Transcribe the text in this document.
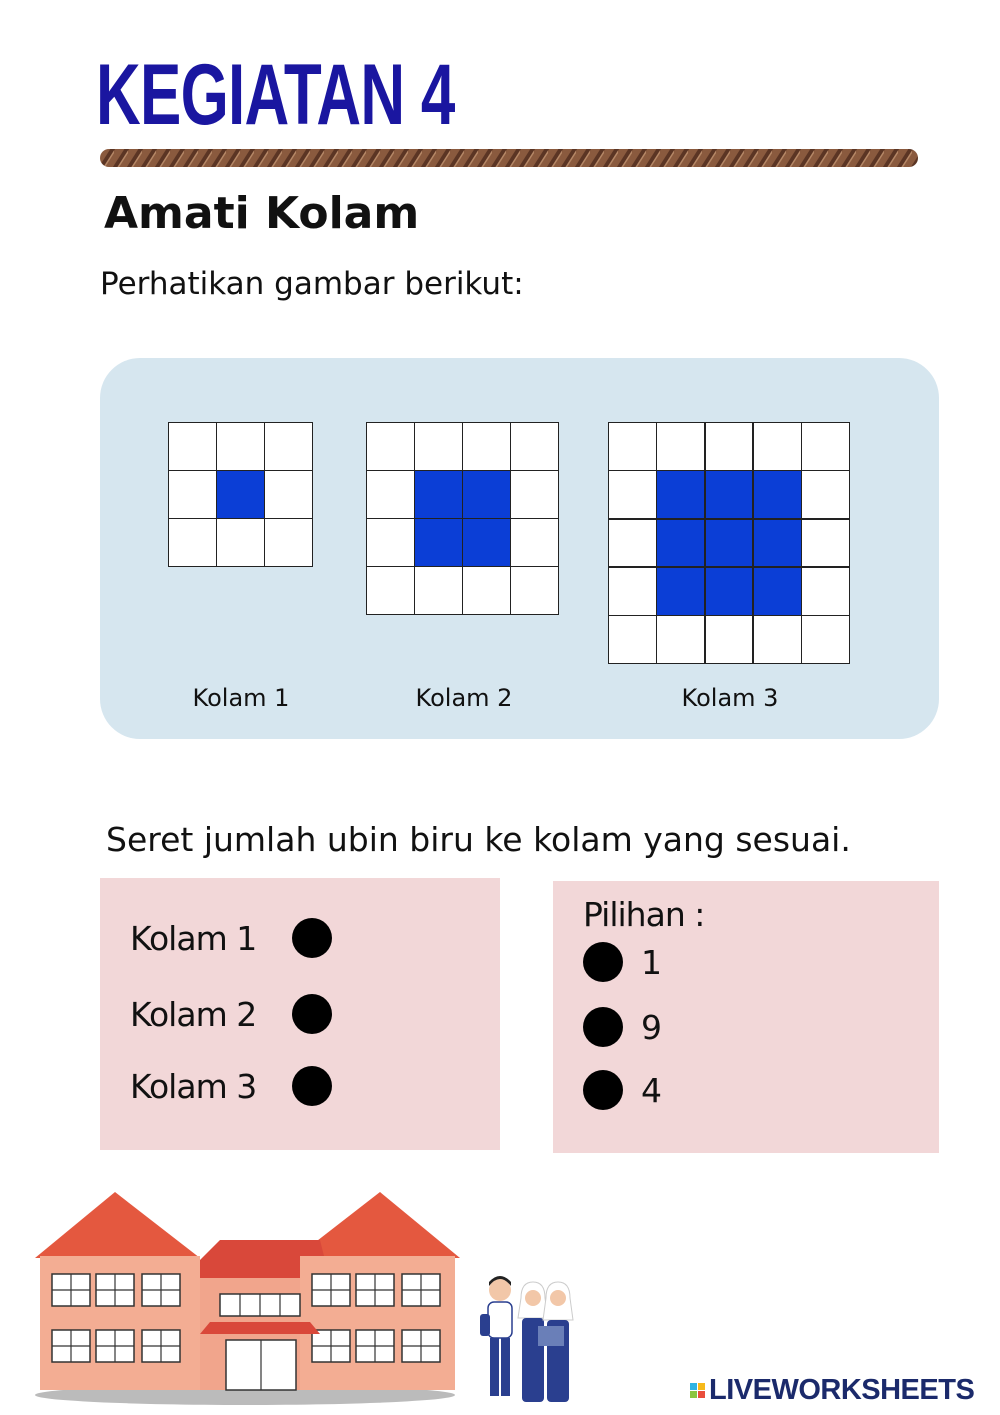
KEGIATAN 4
Amati Kolam
Perhatikan gambar berikut:
Kolam 1	Kolam 2	Kolam 3
Seret jumlah ubin biru ke kolam yang sesuai.
Kolam 1
Kolam 2
Kolam 3
Pilihan :
1
9
4
LIVEWORKSHEETS
